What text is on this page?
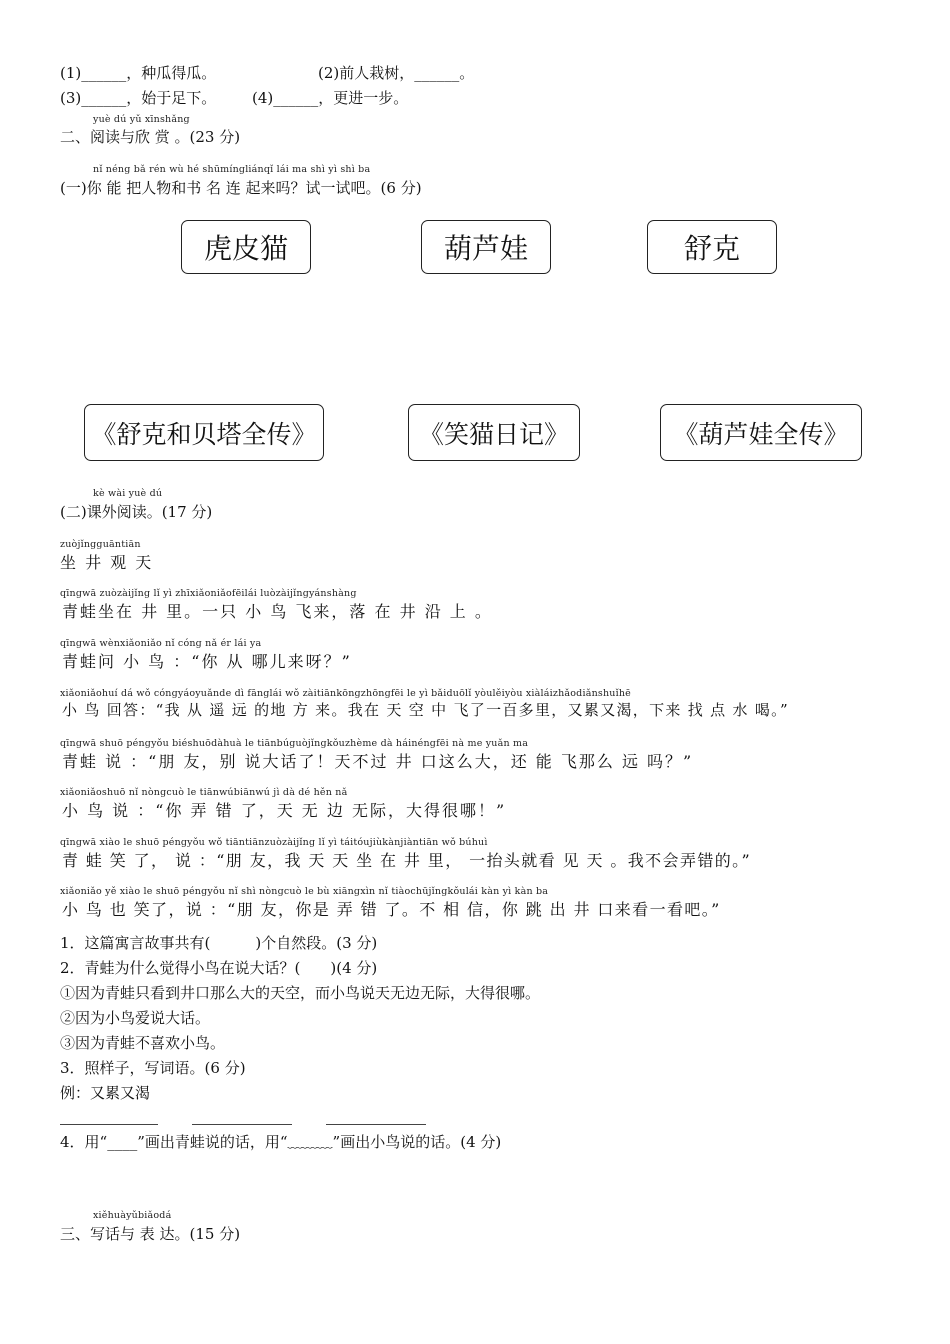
(1)______，种瓜得瓜。	(2)前人栽树，______。
(3)______，始于足下。 (4)______，更进一步。
yuè dú yǔ xīnshǎng
二、阅读与欣 赏 。(23 分)
nǐ néng bǎ rén wù hé shūmíngliánqǐ lái ma shì yì shì ba
(一)你 能 把人物和书 名 连 起来吗？试一试吧。(6 分)
虎皮猫	葫芦娃	舒克
《舒克和贝塔全传》	《笑猫日记》	《葫芦娃全传》
kè wài yuè dú
(二)课外阅读。(17 分)
zuòjǐngguāntiān
坐 井 观 天
qīngwā zuòzàijǐng lǐ yì zhīxiǎoniǎofēilái luòzàijǐngyánshàng
青蛙坐在 井 里。一只 小 鸟 飞来，落 在 井 沿 上 。
qīngwā wènxiǎoniǎo nǐ cóng nǎ ér lái ya
青蛙问 小 鸟 ：“你 从 哪儿来呀？”
xiǎoniǎohuí dá wǒ cóngyáoyuǎnde dì fānglái wǒ zàitiānkōngzhōngfēi le yì bǎiduōlǐ yòulěiyòu xiàláizhǎodiǎnshuǐhē
小 鸟 回答：“我 从 遥 远 的地 方 来。我在 天 空 中 飞了一百多里，又累又渴，下来 找 点 水 喝。”
qīngwā shuō péngyǒu biéshuōdàhuà le tiānbúguòjǐngkǒuzhème dà háinéngfēi nà me yuǎn ma
青蛙 说 ：“朋 友，别 说大话了！天不过 井 口这么大，还 能 飞那么 远 吗？”
xiǎoniǎoshuō nǐ nòngcuò le tiānwúbiānwú jì dà dé hěn nǎ
小 鸟 说 ：“你 弄 错 了，天 无 边 无际，大得很哪！”
qīngwā xiào le shuō péngyǒu wǒ tiāntiānzuòzàijǐng lǐ yì táitóujiùkànjiàntiān wǒ búhuì
青 蛙 笑 了， 说 ：“朋 友，我 天 天 坐 在 井 里， 一抬头就看 见 天 。我不会弄错的。”
xiǎoniǎo yě xiào le shuō péngyǒu nǐ shì nòngcuò le bù xiāngxìn nǐ tiàochūjǐngkǒulái kàn yì kàn ba
小 鸟 也 笑了，说 ：“朋 友，你是 弄 错 了。不 相 信，你 跳 出 井 口来看一看吧。”
1．这篇寓言故事共有(　　　)个自然段。(3 分)
2．青蛙为什么觉得小鸟在说大话？(　　)(4 分)
①因为青蛙只看到井口那么大的天空，而小鸟说天无边无际，大得很哪。
②因为小鸟爱说大话。
③因为青蛙不喜欢小鸟。
3．照样子，写词语。(6 分)
例：又累又渴
4．用“____”画出青蛙说的话，用“﹏﹏﹏”画出小鸟说的话。(4 分)
xiěhuàyǔbiǎodá
三、写话与 表 达。(15 分)
